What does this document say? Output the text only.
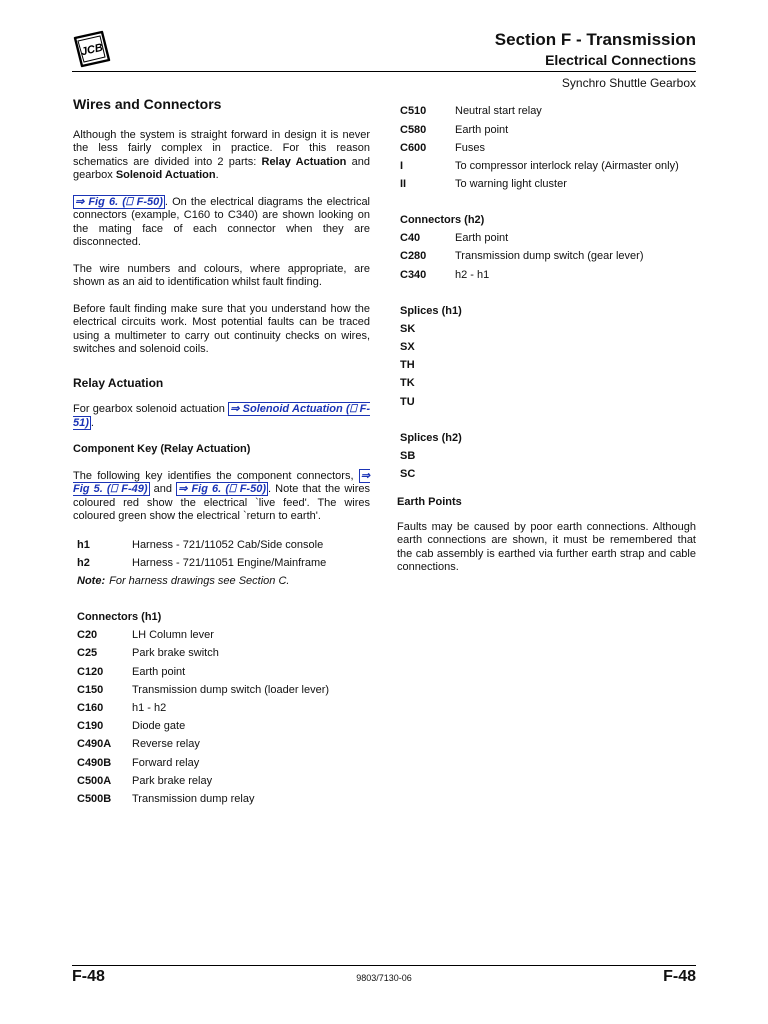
JCB
Section F - Transmission
Electrical Connections
Synchro Shuttle Gearbox
Wires and Connectors

Although the system is straight forward in design it is never the less fairly complex in practice. For this reason schematics are divided into 2 parts: Relay Actuation and gearbox Solenoid Actuation.

⇒ Fig 6. (⎕ F-50) . On the electrical diagrams the electrical connectors (example, C160 to C340) are shown looking on the mating face of each connector when they are disconnected.

The wire numbers and colours, where appropriate, are shown as an aid to identification whilst fault finding.

Before fault finding make sure that you understand how the electrical circuits work. Most potential faults can be traced using a multimeter to carry out continuity checks on wires, switches and solenoid coils.

Relay Actuation

For gearbox solenoid actuation ⇒ Solenoid Actuation (⎕ F-51) .

Component Key (Relay Actuation)

The following key identifies the component connectors, ⇒ Fig 5. (⎕ F-49) and ⇒ Fig 6. (⎕ F-50) . Note that the wires coloured red show the electrical `live feed'. The wires coloured green show the electrical `return to earth'.

h1	Harness - 721/11052 Cab/Side console
h2	Harness - 721/11051 Engine/Mainframe
Note: For harness drawings see Section C.
Connectors (h1)
C20	LH Column lever
C25	Park brake switch
C120	Earth point
C150	Transmission dump switch (loader lever)
C160	h1 - h2
C190	Diode gate
C490A	Reverse relay
C490B	Forward relay
C500A	Park brake relay
C500B	Transmission dump relay
C510	Neutral start relay
C580	Earth point
C600	Fuses
I	To compressor interlock relay (Airmaster only)
II	To warning light cluster
Connectors (h2)
C40	Earth point
C280	Transmission dump switch (gear lever)
C340	h2 - h1
Splices (h1)
SK
SX
TH
TK
TU
Splices (h2)
SB
SC
Earth Points

Faults may be caused by poor earth connections. Although earth connections are shown, it must be remembered that the cab assembly is earthed via further earth strap and cable connections.

F-48	9803/7130-06	F-48
